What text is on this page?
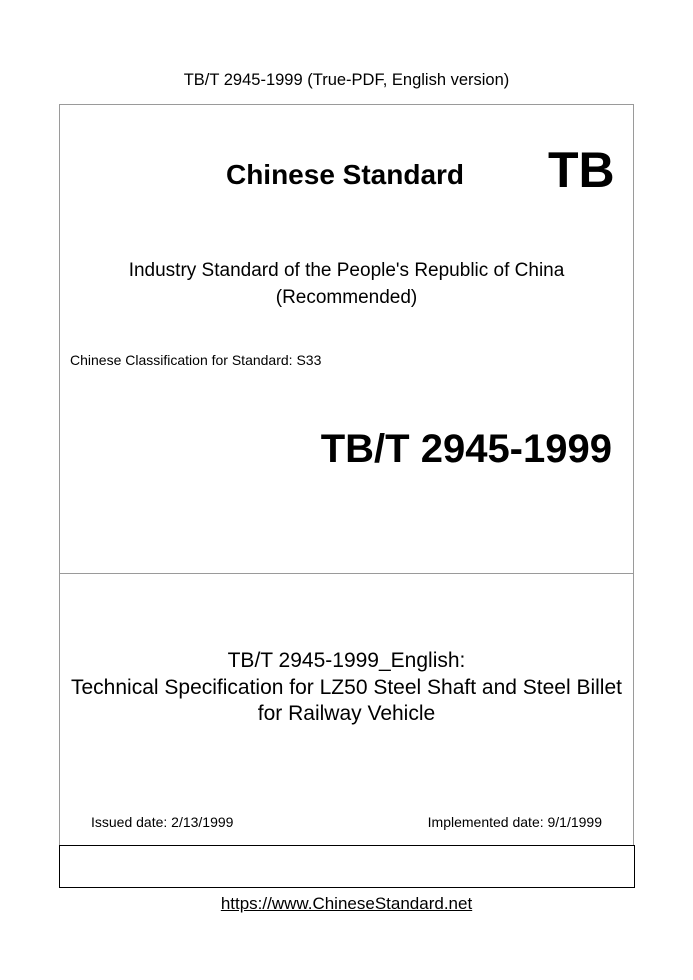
TB/T 2945-1999 (True-PDF, English version)
Chinese Standard	TB
Industry Standard of the People's Republic of China
(Recommended)
Chinese Classification for Standard: S33
TB/T 2945-1999
TB/T 2945-1999_English:
Technical Specification for LZ50 Steel Shaft and Steel Billet
for Railway Vehicle
Issued date: 2/13/1999	Implemented date: 9/1/1999
https://www.ChineseStandard.net
